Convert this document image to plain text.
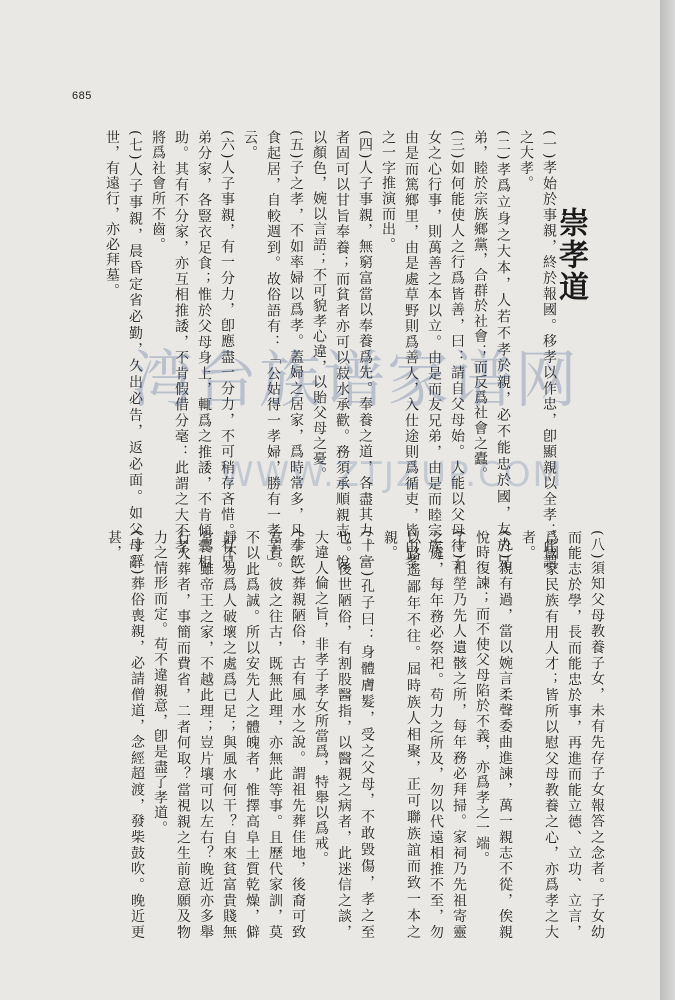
685
崇孝道

(一)孝始於事親，終於報國。移孝以作忠，卽顯親以全孝；此謂之大孝。

(二)孝爲立身之大本，人若不孝於親，必不能忠於國，友於兄弟，睦於宗族鄉黨，合群於社會；而反爲社會之蠹。

(三)如何能使人之行爲皆善，曰：請自父母始。人能以父母待子女之心行事，則萬善之本以立。由是而友兄弟，由是而睦宗族，由是而篤鄉里，由是處草野則爲善人，入仕途則爲循吏，皆由孝之一字推演而出。

(四)人子事親，無窮富當以奉養爲先。奉養之道，各盡其力。富者固可以甘旨奉養；而貧者亦可以菽水承歡。務須承順親志，悅以顏色，婉以言語；不可貌孝心違，以貽父母之憂。

(五)子之孝，不如率婦以爲孝。蓋婦之居家，爲時常多，凡奉飲食起居，自較週到。故俗語有：「公姑得一孝婦，勝有一孝子」云。

(六)人子事親，有一分力，卽應盡一分力，不可稍存吝惜。有兄弟分家，各豎衣足食；惟於父母身上，輒爲之推諉，不肯傾囊相助。其有不分家，亦互相推諉，不肯假借分毫：此謂之大不孝，將爲社會所不齒。

(七)人子事親，晨昏定省必勤，久出必告，返必面。如父母辭世，有遠行，亦必拜墓。

(八)須知父母教養子女，未有先存子女報答之念者。子女幼而能志於學，長而能忠於事，再進而能立德、立功、立言，爲國家民族有用人才；皆所以慰父母教養之心，亦爲孝之大者。

(九)親有過，當以婉言柔聲委曲進諫，萬一親志不從，俟親悅時復諫；而不使父母陷於不義，亦爲孝之一端。

(十)祖塋乃先人遺骸之所，每年務必拜掃。家祠乃先祖寄靈之處，每年務必祭祀。苟力之所及，勿以代遠相推不至，勿以路遙鄙年不往。屆時族人相聚，正可聯族誼而致一本之親。

(十一)孔子曰：身體膚髮，受之父母，不敢毀傷，孝之至也。後世陋俗，有割股醫指，以醫親之病者，此迷信之談，大違人倫之旨，非孝子孝女所當爲，特舉以爲戒。

(十二)葬親陋俗，古有風水之說。謂祖先葬佳地，後裔可致富貴。彼之往古，既無此理，亦無此等事。且歷代家訓，莫不以此爲誠。所以安先人之體魄者，惟擇高阜土質乾燥，僻靜不易爲人破壞之處爲已足；與風水何干？自來貧富貴賤無常，雖帝王之家，不越此理；豈片壤可以左右？晚近亦多舉行火葬者，事簡而費省，二者何取？當視親之生前意願及物力之情形而定。苟不違親意，卽是盡了孝道。

(十三)葬俗喪親，必請僧道，念經超渡，發柴鼓吹。晚近更甚，

湾台族谱家谱网
WWW.ZTJZUP.COM
